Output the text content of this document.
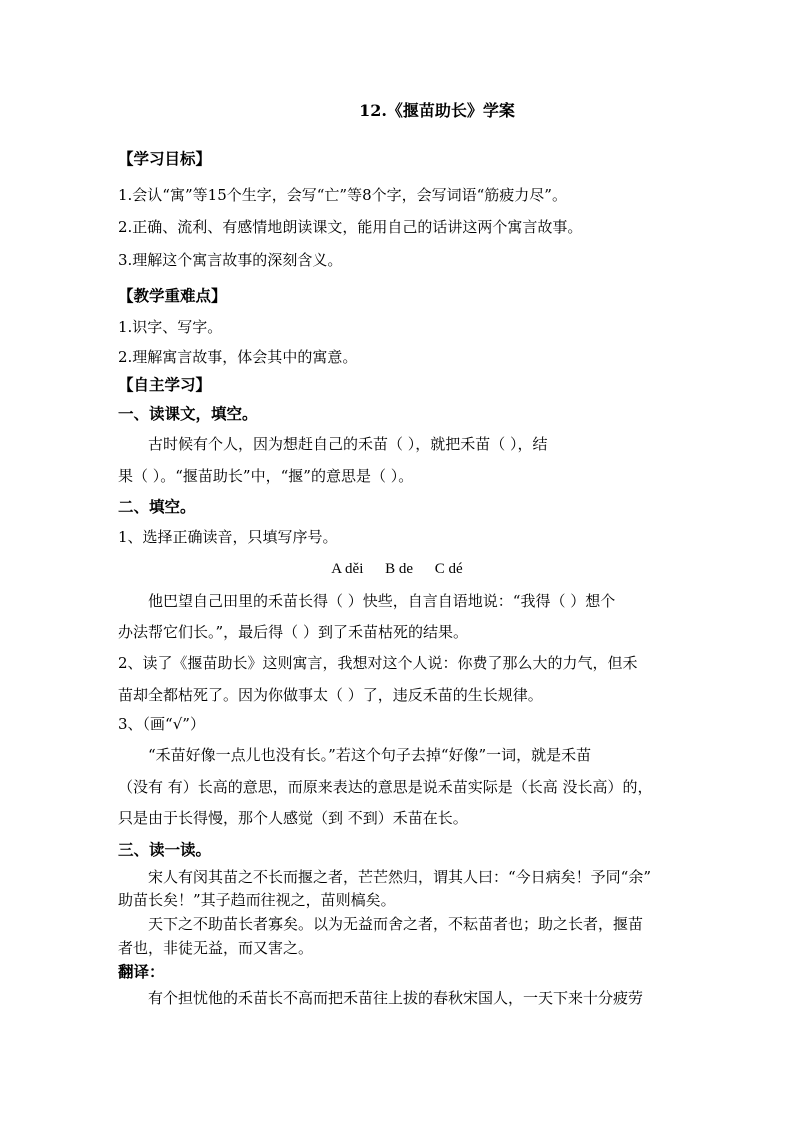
12.《揠苗助长》学案
【学习目标】
1.会认“寓”等15个生字，会写“亡”等8个字，会写词语“筋疲力尽”。
2.正确、流利、有感情地朗读课文，能用自己的话讲这两个寓言故事。
3.理解这个寓言故事的深刻含义。
【教学重难点】
1.识字、写字。
2.理解寓言故事，体会其中的寓意。
【自主学习】
一、读课文，填空。
古时候有个人，因为想赶自己的禾苗（ ），就把禾苗（ ），结
果（ ）。“揠苗助长”中，“揠”的意思是（ ）。
二、填空。
1、选择正确读音，只填写序号。
A děi B de C dé
他巴望自己田里的禾苗长得（ ）快些，自言自语地说：“我得（ ）想个
办法帮它们长。”，最后得（ ）到了禾苗枯死的结果。
2、读了《揠苗助长》这则寓言，我想对这个人说：你费了那么大的力气，但禾
苗却全都枯死了。因为你做事太（ ）了，违反禾苗的生长规律。
3、（画“√”）
“禾苗好像一点儿也没有长。”若这个句子去掉“好像”一词，就是禾苗
（没有 有）长高的意思，而原来表达的意思是说禾苗实际是（长高 没长高）的，
只是由于长得慢，那个人感觉（到 不到）禾苗在长。
三、读一读。
宋人有闵其苗之不长而揠之者，芒芒然归，谓其人曰：“今日病矣！予同“余”
助苗长矣！”其子趋而往视之，苗则槁矣。
天下之不助苗长者寡矣。以为无益而舍之者，不耘苗者也；助之长者，揠苗
者也，非徒无益，而又害之。
翻译：
有个担忧他的禾苗长不高而把禾苗往上拔的春秋宋国人，一天下来十分疲劳
